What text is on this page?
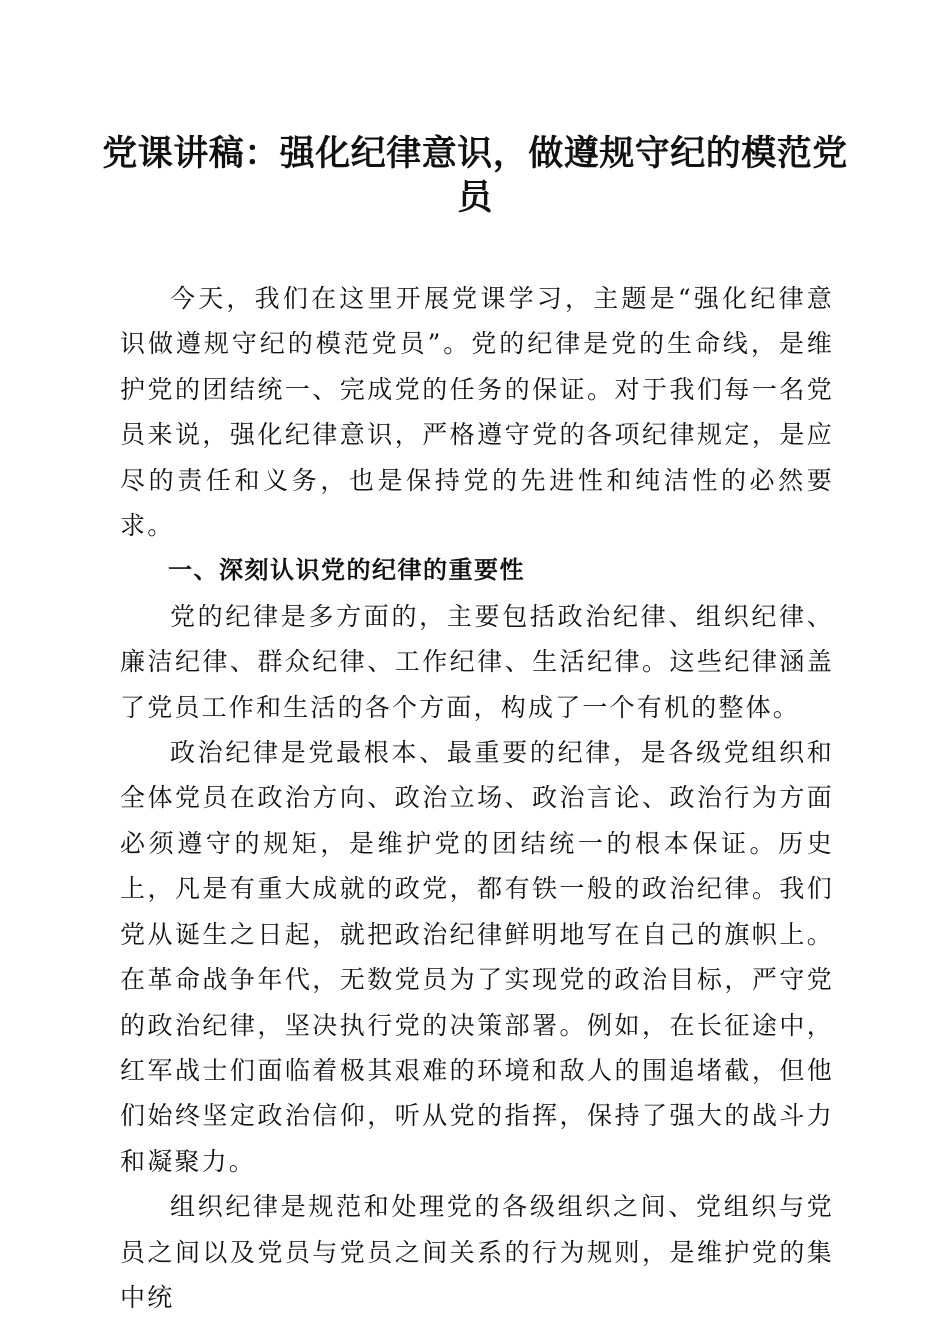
党课讲稿：强化纪律意识，做遵规守纪的模范党员

今天，我们在这里开展党课学习，主题是“强化纪律意识做遵规守纪的模范党员”。党的纪律是党的生命线，是维护党的团结统一、完成党的任务的保证。对于我们每一名党员来说，强化纪律意识，严格遵守党的各项纪律规定，是应尽的责任和义务，也是保持党的先进性和纯洁性的必然要求。

一、深刻认识党的纪律的重要性

党的纪律是多方面的，主要包括政治纪律、组织纪律、廉洁纪律、群众纪律、工作纪律、生活纪律。这些纪律涵盖了党员工作和生活的各个方面，构成了一个有机的整体。

政治纪律是党最根本、最重要的纪律，是各级党组织和全体党员在政治方向、政治立场、政治言论、政治行为方面必须遵守的规矩，是维护党的团结统一的根本保证。历史上，凡是有重大成就的政党，都有铁一般的政治纪律。我们党从诞生之日起，就把政治纪律鲜明地写在自己的旗帜上。在革命战争年代，无数党员为了实现党的政治目标，严守党的政治纪律，坚决执行党的决策部署。例如，在长征途中，红军战士们面临着极其艰难的环境和敌人的围追堵截，但他们始终坚定政治信仰，听从党的指挥，保持了强大的战斗力和凝聚力。

组织纪律是规范和处理党的各级组织之间、党组织与党员之间以及党员与党员之间关系的行为规则，是维护党的集中统
